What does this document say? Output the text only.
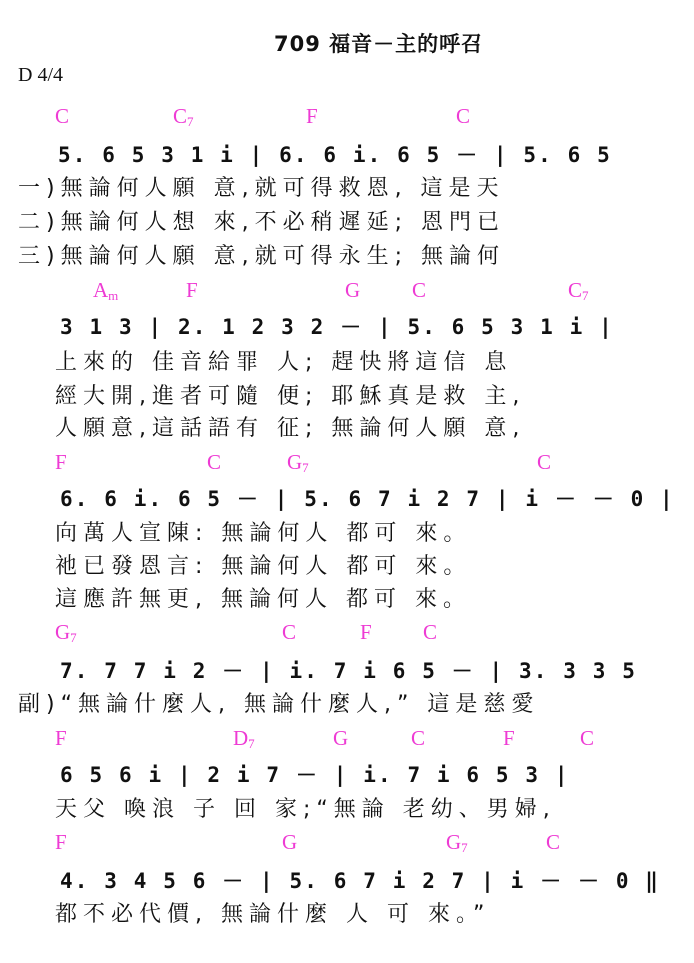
709 福音－主的呼召
D 4/4
C	$C_7$	F	C
5. 6 5 3 1 i | 6. 6 i. 6 5 － | 5. 6 5
一)無論何人願 意,就可得救恩, 這是天
二)無論何人想 來,不必稍遲延; 恩門已
三)無論何人願 意,就可得永生; 無論何
$A_m$	F	G C	$C_7$
3 1 3 | 2. 1 2 3 2 － | 5. 6 5 3 1 i |
上來的 佳音給罪 人; 趕快將這信 息
經大開,進者可隨 便; 耶穌真是救 主,
人願意,這話語有 征; 無論何人願 意,
F	C	$G_7$	C
6. 6 i. 6 5 － | 5. 6 7 i 2 7 | i － － 0 |
向萬人宣陳: 無論何人 都可 來。
祂已發恩言: 無論何人 都可 來。
這應許無更, 無論何人 都可 來。
$G_7$	C	F C
7. 7 7 i 2 － | i. 7 i 6 5 － | 3. 3 3 5
副)“無論什麼人, 無論什麼人,” 這是慈愛
F	$D_7$	G	C	F	C
6 5 6 i | 2 i 7 － | i. 7 i 6 5 3 |
天父 喚浪 子 回 家;“無論 老幼、男婦,
F	G	$G_7$	C
4. 3 4 5 6 － | 5. 6 7 i 2 7 | i － － 0 ‖
都不必代價, 無論什麼 人 可 來。”
